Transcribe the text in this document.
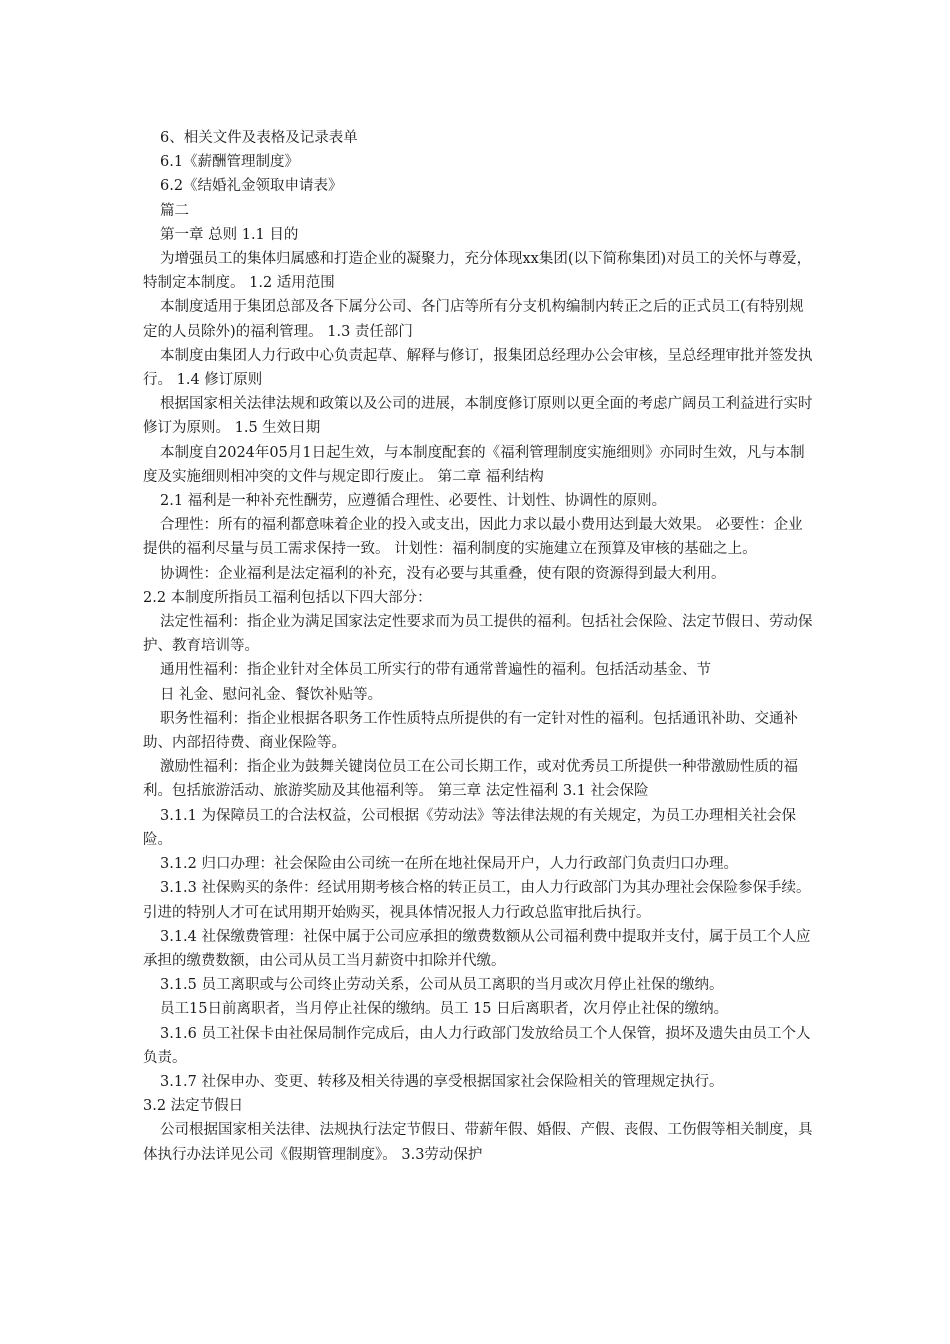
6、相关文件及表格及记录表单

6.1《薪酬管理制度》

6.2《结婚礼金领取申请表》

篇二

第一章 总则 1.1 目的

为增强员工的集体归属感和打造企业的凝聚力，充分体现xx集团(以下简称集团)对员工的关怀与尊爱，特制定本制度。 1.2 适用范围

本制度适用于集团总部及各下属分公司、各门店等所有分支机构编制内转正之后的正式员工(有特别规定的人员除外)的福利管理。 1.3 责任部门

本制度由集团人力行政中心负责起草、解释与修订，报集团总经理办公会审核，呈总经理审批并签发执行。 1.4 修订原则

根据国家相关法律法规和政策以及公司的进展，本制度修订原则以更全面的考虑广阔员工利益进行实时修订为原则。 1.5 生效日期

本制度自2024年05月1日起生效，与本制度配套的《福利管理制度实施细则》亦同时生效，凡与本制度及实施细则相冲突的文件与规定即行废止。 第二章 福利结构

2.1 福利是一种补充性酬劳，应遵循合理性、必要性、计划性、协调性的原则。

合理性：所有的福利都意味着企业的投入或支出，因此力求以最小费用达到最大效果。 必要性：企业提供的福利尽量与员工需求保持一致。 计划性：福利制度的实施建立在预算及审核的基础之上。

协调性：企业福利是法定福利的补充，没有必要与其重叠，使有限的资源得到最大利用。

2.2 本制度所指员工福利包括以下四大部分：

法定性福利：指企业为满足国家法定性要求而为员工提供的福利。包括社会保险、法定节假日、劳动保护、教育培训等。

通用性福利：指企业针对全体员工所实行的带有通常普遍性的福利。包括活动基金、节

日 礼金、慰问礼金、餐饮补贴等。

职务性福利：指企业根据各职务工作性质特点所提供的有一定针对性的福利。包括通讯补助、交通补助、内部招待费、商业保险等。

激励性福利：指企业为鼓舞关键岗位员工在公司长期工作，或对优秀员工所提供一种带激励性质的福利。包括旅游活动、旅游奖励及其他福利等。 第三章 法定性福利 3.1 社会保险

3.1.1 为保障员工的合法权益，公司根据《劳动法》等法律法规的有关规定，为员工办理相关社会保险。

3.1.2 归口办理：社会保险由公司统一在所在地社保局开户，人力行政部门负责归口办理。

3.1.3 社保购买的条件：经试用期考核合格的转正员工，由人力行政部门为其办理社会保险参保手续。引进的特别人才可在试用期开始购买，视具体情况报人力行政总监审批后执行。

3.1.4 社保缴费管理：社保中属于公司应承担的缴费数额从公司福利费中提取并支付，属于员工个人应承担的缴费数额，由公司从员工当月薪资中扣除并代缴。

3.1.5 员工离职或与公司终止劳动关系，公司从员工离职的当月或次月停止社保的缴纳。

员工15日前离职者，当月停止社保的缴纳。员工 15 日后离职者，次月停止社保的缴纳。

3.1.6 员工社保卡由社保局制作完成后，由人力行政部门发放给员工个人保管，损坏及遗失由员工个人负责。

3.1.7 社保申办、变更、转移及相关待遇的享受根据国家社会保险相关的管理规定执行。

3.2 法定节假日

公司根据国家相关法律、法规执行法定节假日、带薪年假、婚假、产假、丧假、工伤假等相关制度，具体执行办法详见公司《假期管理制度》。 3.3劳动保护
